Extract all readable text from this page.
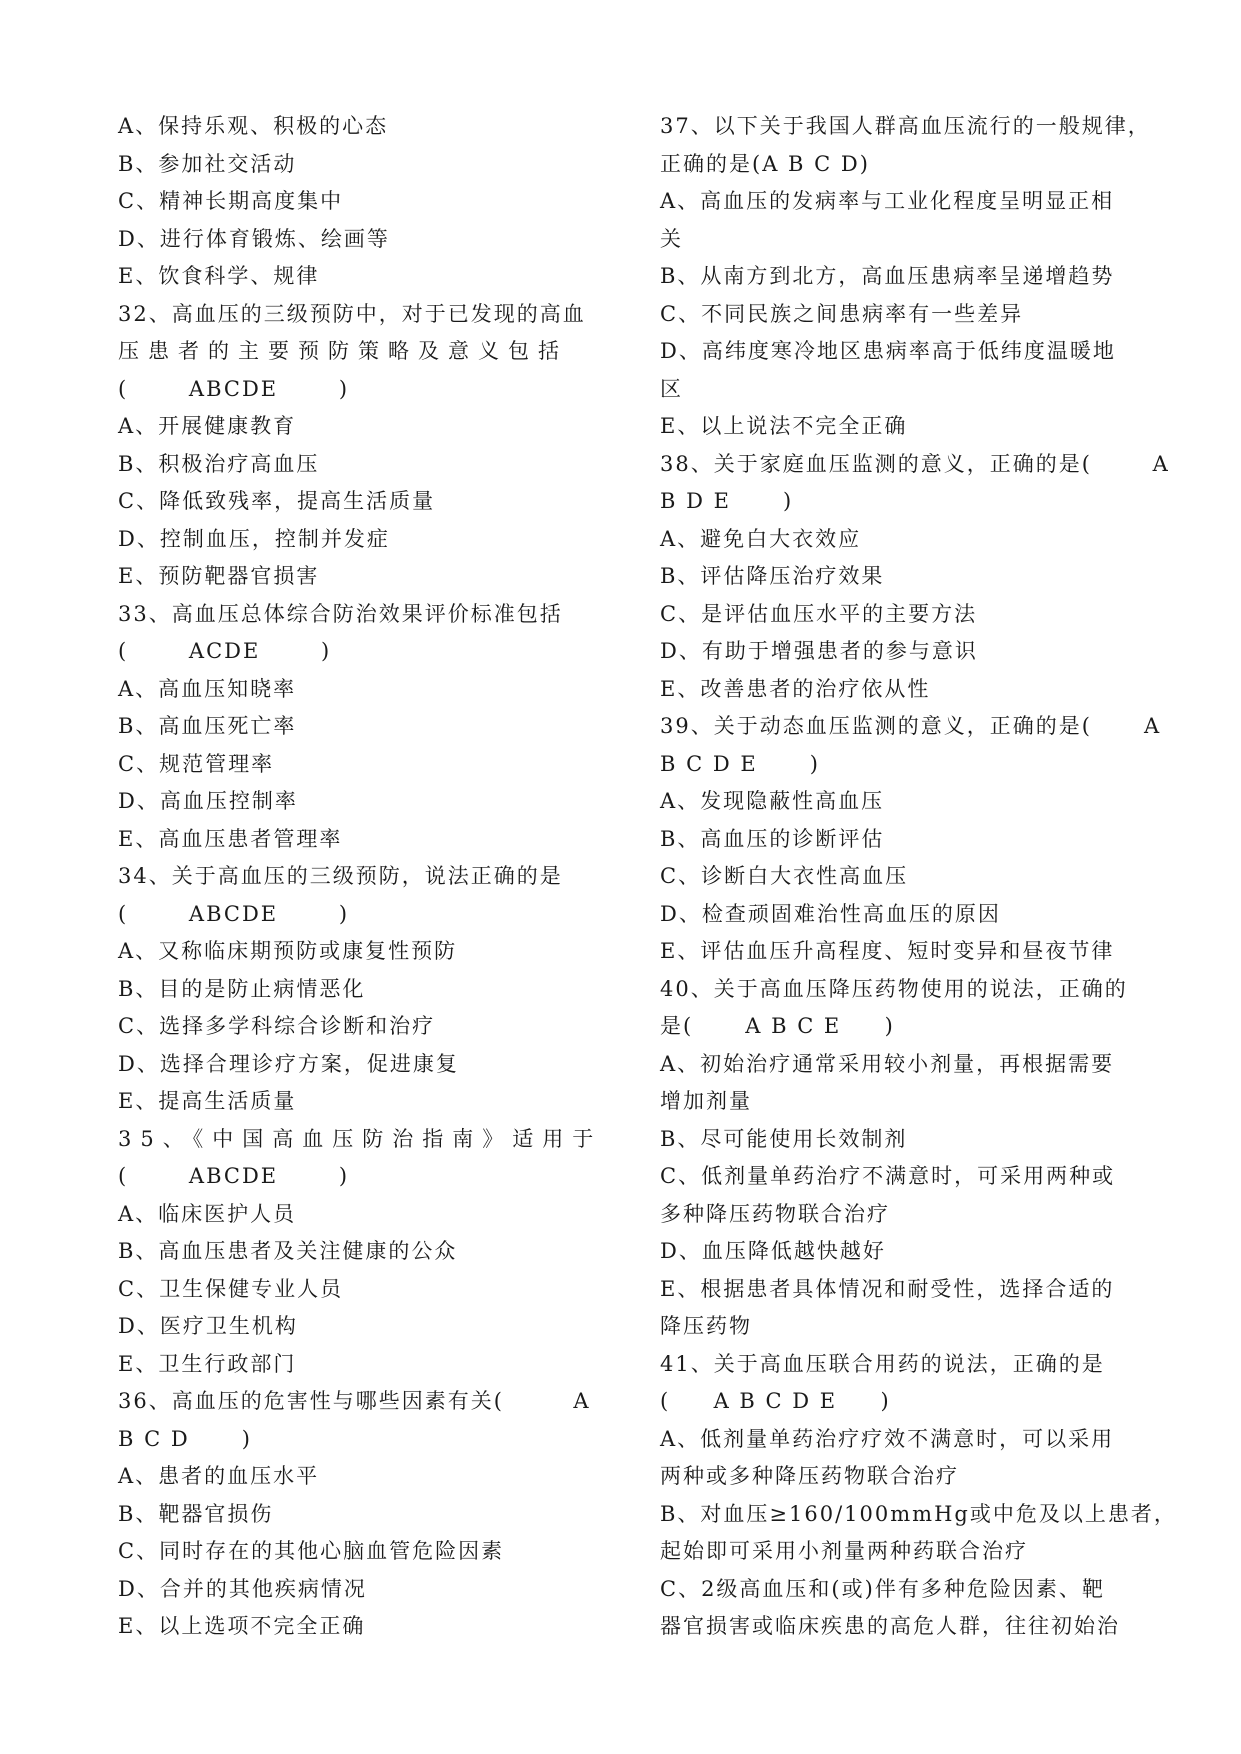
A、保持乐观、积极的心态
B、参加社交活动
C、精神长期高度集中
D、进行体育锻炼、绘画等
E、饮食科学、规律
32、高血压的三级预防中，对于已发现的高血
压患者的主要预防策略及意义包括
(       ABCDE       )
A、开展健康教育
B、积极治疗高血压
C、降低致残率，提高生活质量
D、控制血压，控制并发症
E、预防靶器官损害
33、高血压总体综合防治效果评价标准包括
(       ACDE       )
A、高血压知晓率
B、高血压死亡率
C、规范管理率
D、高血压控制率
E、高血压患者管理率
34、关于高血压的三级预防，说法正确的是
(       ABCDE       )
A、又称临床期预防或康复性预防
B、目的是防止病情恶化
C、选择多学科综合诊断和治疗
D、选择合理诊疗方案，促进康复
E、提高生活质量
35、《中国高血压防治指南》适用于
(       ABCDE       )
A、临床医护人员
B、高血压患者及关注健康的公众
C、卫生保健专业人员
D、医疗卫生机构
E、卫生行政部门
36、高血压的危害性与哪些因素有关(        A
B C D      )
A、患者的血压水平
B、靶器官损伤
C、同时存在的其他心脑血管危险因素
D、合并的其他疾病情况
E、以上选项不完全正确
37、以下关于我国人群高血压流行的一般规律，
正确的是(A B C D)
A、高血压的发病率与工业化程度呈明显正相
关
B、从南方到北方，高血压患病率呈递增趋势
C、不同民族之间患病率有一些差异
D、高纬度寒冷地区患病率高于低纬度温暖地
区
E、以上说法不完全正确
38、关于家庭血压监测的意义，正确的是(       A
B D E      )
A、避免白大衣效应
B、评估降压治疗效果
C、是评估血压水平的主要方法
D、有助于增强患者的参与意识
E、改善患者的治疗依从性
39、关于动态血压监测的意义，正确的是(      A
B C D E      )
A、发现隐蔽性高血压
B、高血压的诊断评估
C、诊断白大衣性高血压
D、检查顽固难治性高血压的原因
E、评估血压升高程度、短时变异和昼夜节律
40、关于高血压降压药物使用的说法，正确的
是(      A B C E     )
A、初始治疗通常采用较小剂量，再根据需要
增加剂量
B、尽可能使用长效制剂
C、低剂量单药治疗不满意时，可采用两种或
多种降压药物联合治疗
D、血压降低越快越好
E、根据患者具体情况和耐受性，选择合适的
降压药物
41、关于高血压联合用药的说法，正确的是
(     A B C D E     )
A、低剂量单药治疗疗效不满意时，可以采用
两种或多种降压药物联合治疗
B、对血压≥160/100mmHg或中危及以上患者，
起始即可采用小剂量两种药联合治疗
C、2级高血压和(或)伴有多种危险因素、靶
器官损害或临床疾患的高危人群，往往初始治
